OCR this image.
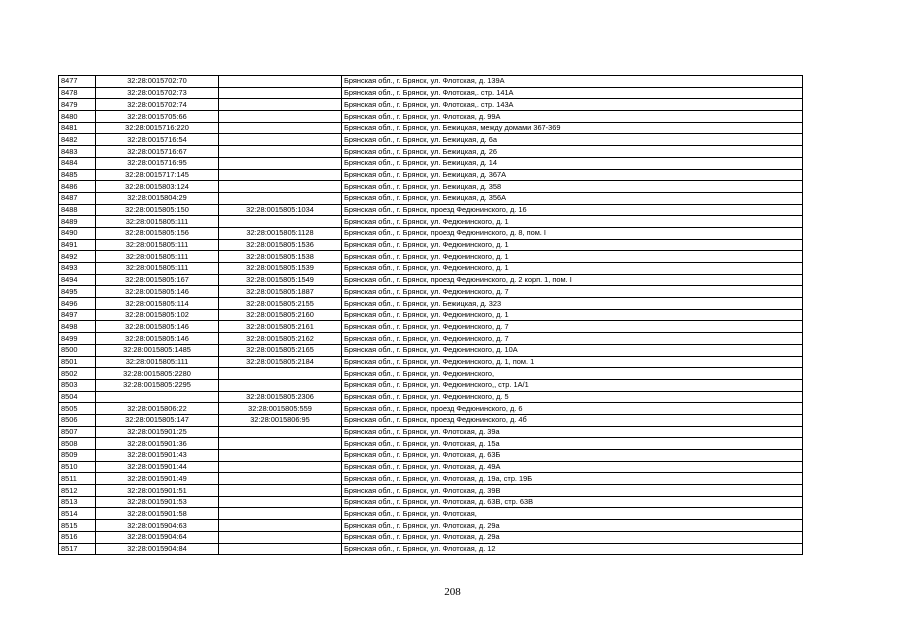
8477	32:28:0015702:70		Брянская обл., г. Брянск, ул. Флотская, д. 139А
8478	32:28:0015702:73		Брянская обл., г. Брянск, ул. Флотская,. стр. 141А
8479	32:28:0015702:74		Брянская обл., г. Брянск, ул. Флотская,. стр. 143А
8480	32:28:0015705:66		Брянская обл., г. Брянск, ул. Флотская, д. 99А
8481	32:28:0015716:220		Брянская обл., г. Брянск, ул. Бежицкая, между домами 367-369
8482	32:28:0015716:54		Брянская обл., г. Брянск, ул. Бежицкая, д. 6а
8483	32:28:0015716:67		Брянская обл., г. Брянск, ул. Бежицкая, д. 26
8484	32:28:0015716:95		Брянская обл., г. Брянск, ул. Бежицкая, д. 14
8485	32:28:0015717:145		Брянская обл., г. Брянск, ул. Бежицкая, д. 367А
8486	32:28:0015803:124		Брянская обл., г. Брянск, ул. Бежицкая, д. 358
8487	32:28:0015804:29		Брянская обл., г. Брянск, ул. Бежицкая, д. 356А
8488	32:28:0015805:150	32:28:0015805:1034	Брянская обл., г. Брянск, проезд Федюнинского, д. 16
8489	32:28:0015805:111		Брянская обл., г. Брянск, ул. Федюнинского, д. 1
8490	32:28:0015805:156	32:28:0015805:1128	Брянская обл., г. Брянск, проезд Федюнинского, д. 8, пом. I
8491	32:28:0015805:111	32:28:0015805:1536	Брянская обл., г. Брянск, ул. Федюнинского, д. 1
8492	32:28:0015805:111	32:28:0015805:1538	Брянская обл., г. Брянск, ул. Федюнинского, д. 1
8493	32:28:0015805:111	32:28:0015805:1539	Брянская обл., г. Брянск, ул. Федюнинского, д. 1
8494	32:28:0015805:167	32:28:0015805:1549	Брянская обл., г. Брянск, проезд Федюнинского, д. 2 корп. 1, пом. I
8495	32:28:0015805:146	32:28:0015805:1887	Брянская обл., г. Брянск, ул. Федюнинского, д. 7
8496	32:28:0015805:114	32:28:0015805:2155	Брянская обл., г. Брянск, ул. Бежицкая, д. 323
8497	32:28:0015805:102	32:28:0015805:2160	Брянская обл., г. Брянск, ул. Федюнинского, д. 1
8498	32:28:0015805:146	32:28:0015805:2161	Брянская обл., г. Брянск, ул. Федюнинского, д. 7
8499	32:28:0015805:146	32:28:0015805:2162	Брянская обл., г. Брянск, ул. Федюнинского, д. 7
8500	32:28:0015805:1485	32:28:0015805:2165	Брянская обл., г. Брянск, ул. Федюнинского, д. 10А
8501	32:28:0015805:111	32:28:0015805:2184	Брянская обл., г. Брянск, ул. Федюнинского, д. 1, пом. 1
8502	32:28:0015805:2280		Брянская обл., г. Брянск, ул. Федюнинского,
8503	32:28:0015805:2295		Брянская обл., г. Брянск, ул. Федюнинского,, стр. 1А/1
8504		32:28:0015805:2306	Брянская обл., г. Брянск, ул. Федюнинского, д. 5
8505	32:28:0015806:22	32:28:0015805:559	Брянская обл., г. Брянск, проезд Федюнинского, д. 6
8506	32:28:0015805:147	32:28:0015806:95	Брянская обл., г. Брянск, проезд Федюнинского, д. 4б
8507	32:28:0015901:25		Брянская обл., г. Брянск, ул. Флотская, д. 39а
8508	32:28:0015901:36		Брянская обл., г. Брянск, ул. Флотская, д. 15а
8509	32:28:0015901:43		Брянская обл., г. Брянск, ул. Флотская, д. 63Б
8510	32:28:0015901:44		Брянская обл., г. Брянск, ул. Флотская, д. 49А
8511	32:28:0015901:49		Брянская обл., г. Брянск, ул. Флотская, д. 19а, стр. 19Б
8512	32:28:0015901:51		Брянская обл., г. Брянск, ул. Флотская, д. 39В
8513	32:28:0015901:53		Брянская обл., г. Брянск, ул. Флотская, д. 63В, стр. 63В
8514	32:28:0015901:58		Брянская обл., г. Брянск, ул. Флотская,
8515	32:28:0015904:63		Брянская обл., г. Брянск, ул. Флотская, д. 29а
8516	32:28:0015904:64		Брянская обл., г. Брянск, ул. Флотская, д. 29а
8517	32:28:0015904:84		Брянская обл., г. Брянск, ул. Флотская, д. 12
208
